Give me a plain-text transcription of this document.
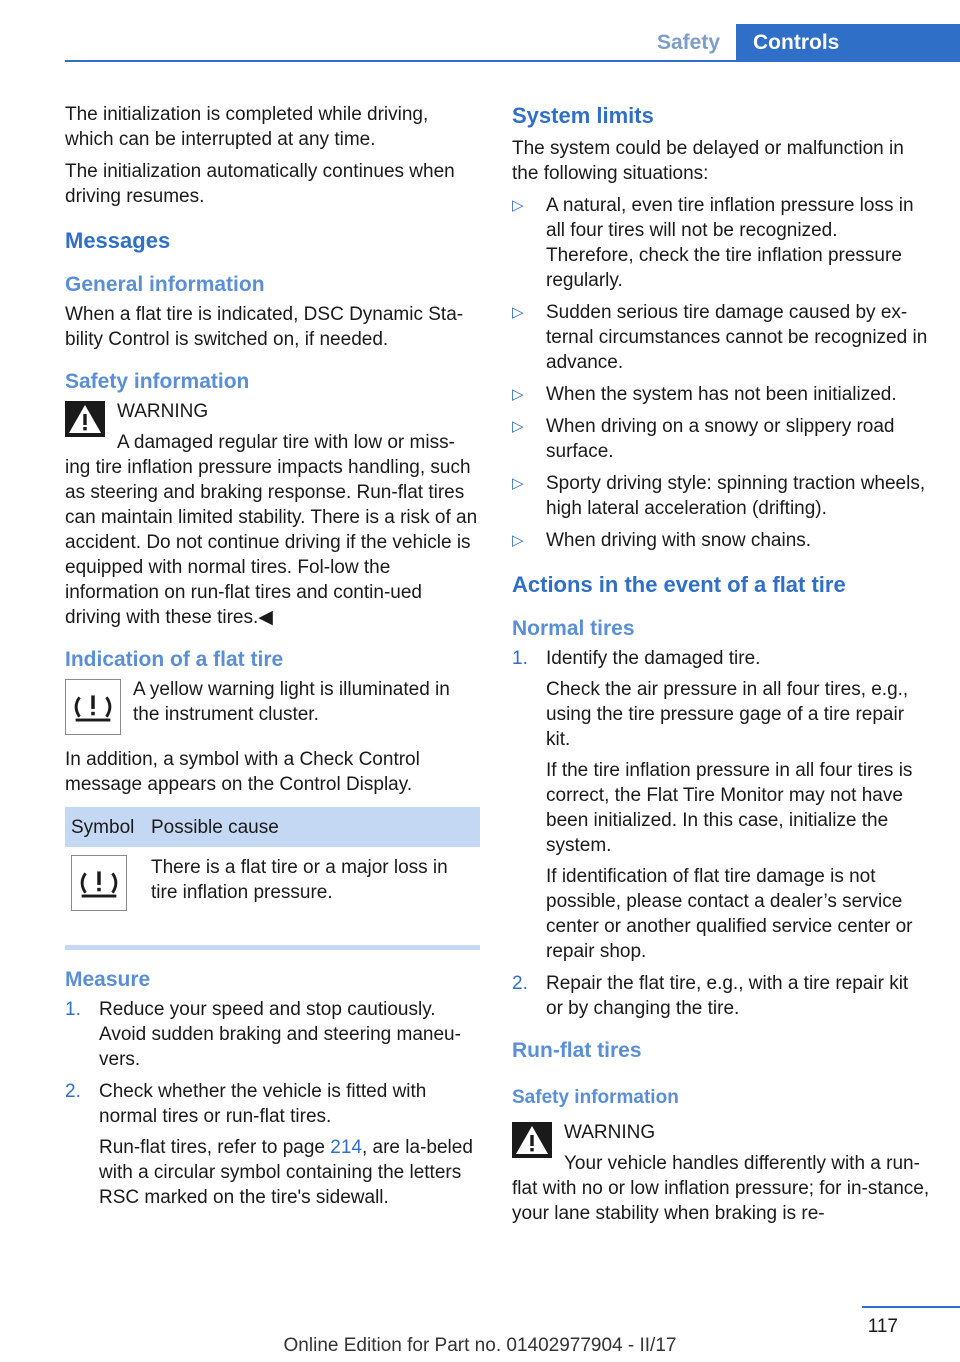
Safety	Controls

The initialization is completed while driving, which can be interrupted at any time.

The initialization automatically continues when driving resumes.

Messages
General information

When a flat tire is indicated, DSC Dynamic Sta-bility Control is switched on, if needed.

Safety information
WARNING

A damaged regular tire with low or miss-ing tire inflation pressure impacts handling, such as steering and braking response. Run-flat tires can maintain limited stability. There is a risk of an accident. Do not continue driving if the vehicle is equipped with normal tires. Fol-low the information on run-flat tires and contin-ued driving with these tires.◀

Indication of a flat tire

A yellow warning light is illuminated in the instrument cluster.

In addition, a symbol with a Check Control message appears on the Control Display.

Symbol	Possible cause

	There is a flat tire or a major loss in tire inflation pressure.
Measure
1. Reduce your speed and stop cautiously. Avoid sudden braking and steering maneu-vers.
2. Check whether the vehicle is fitted with normal tires or run-flat tires.
Run-flat tires, refer to page 214, are la-beled with a circular symbol containing the letters RSC marked on the tire's sidewall.
System limits

The system could be delayed or malfunction in the following situations:

▷ A natural, even tire inflation pressure loss in all four tires will not be recognized. Therefore, check the tire inflation pressure regularly.
▷ Sudden serious tire damage caused by ex-ternal circumstances cannot be recognized in advance.
▷ When the system has not been initialized.
▷ When driving on a snowy or slippery road surface.
▷ Sporty driving style: spinning traction wheels, high lateral acceleration (drifting).
▷ When driving with snow chains.
Actions in the event of a flat tire
Normal tires
1. Identify the damaged tire.
Check the air pressure in all four tires, e.g., using the tire pressure gage of a tire repair kit.
If the tire inflation pressure in all four tires is correct, the Flat Tire Monitor may not have been initialized. In this case, initialize the system.
If identification of flat tire damage is not possible, please contact a dealer’s service center or another qualified service center or repair shop.
2. Repair the flat tire, e.g., with a tire repair kit or by changing the tire.
Run-flat tires
Safety information
WARNING

Your vehicle handles differently with a run-flat with no or low inflation pressure; for in-stance, your lane stability when braking is re-

117
Online Edition for Part no. 01402977904 - II/17
